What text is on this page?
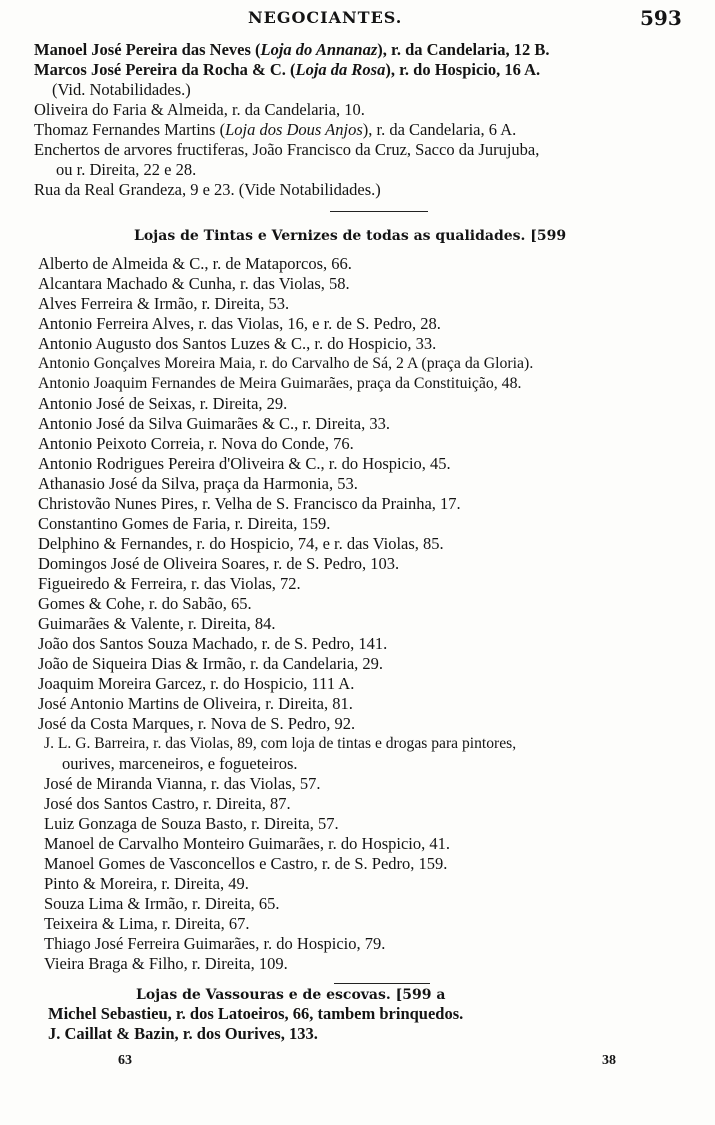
NEGOCIANTES.	593
Manoel José Pereira das Neves (Loja do Annanaz), r. da Candelaria, 12 B.
Marcos José Pereira da Rocha & C. (Loja da Rosa), r. do Hospicio, 16 A.
(Vid. Notabilidades.)
Oliveira do Faria & Almeida, r. da Candelaria, 10.
Thomaz Fernandes Martins (Loja dos Dous Anjos), r. da Candelaria, 6 A.
Enchertos de arvores fructiferas, João Francisco da Cruz, Sacco da Jurujuba,
ou r. Direita, 22 e 28.
Rua da Real Grandeza, 9 e 23. (Vide Notabilidades.)
Lojas de Tintas e Vernizes de todas as qualidades. [599
Alberto de Almeida & C., r. de Mataporcos, 66.
Alcantara Machado & Cunha, r. das Violas, 58.
Alves Ferreira & Irmão, r. Direita, 53.
Antonio Ferreira Alves, r. das Violas, 16, e r. de S. Pedro, 28.
Antonio Augusto dos Santos Luzes & C., r. do Hospicio, 33.
Antonio Gonçalves Moreira Maia, r. do Carvalho de Sá, 2 A (praça da Gloria).
Antonio Joaquim Fernandes de Meira Guimarães, praça da Constituição, 48.
Antonio José de Seixas, r. Direita, 29.
Antonio José da Silva Guimarães & C., r. Direita, 33.
Antonio Peixoto Correia, r. Nova do Conde, 76.
Antonio Rodrigues Pereira d'Oliveira & C., r. do Hospicio, 45.
Athanasio José da Silva, praça da Harmonia, 53.
Christovão Nunes Pires, r. Velha de S. Francisco da Prainha, 17.
Constantino Gomes de Faria, r. Direita, 159.
Delphino & Fernandes, r. do Hospicio, 74, e r. das Violas, 85.
Domingos José de Oliveira Soares, r. de S. Pedro, 103.
Figueiredo & Ferreira, r. das Violas, 72.
Gomes & Cohe, r. do Sabão, 65.
Guimarães & Valente, r. Direita, 84.
João dos Santos Souza Machado, r. de S. Pedro, 141.
João de Siqueira Dias & Irmão, r. da Candelaria, 29.
Joaquim Moreira Garcez, r. do Hospicio, 111 A.
José Antonio Martins de Oliveira, r. Direita, 81.
José da Costa Marques, r. Nova de S. Pedro, 92.
J. L. G. Barreira, r. das Violas, 89, com loja de tintas e drogas para pintores,
ourives, marceneiros, e fogueteiros.
José de Miranda Vianna, r. das Violas, 57.
José dos Santos Castro, r. Direita, 87.
Luiz Gonzaga de Souza Basto, r. Direita, 57.
Manoel de Carvalho Monteiro Guimarães, r. do Hospicio, 41.
Manoel Gomes de Vasconcellos e Castro, r. de S. Pedro, 159.
Pinto & Moreira, r. Direita, 49.
Souza Lima & Irmão, r. Direita, 65.
Teixeira & Lima, r. Direita, 67.
Thiago José Ferreira Guimarães, r. do Hospicio, 79.
Vieira Braga & Filho, r. Direita, 109.
Lojas de Vassouras e de escovas. [599 a
Michel Sebastieu, r. dos Latoeiros, 66, tambem brinquedos.
J. Caillat & Bazin, r. dos Ourives, 133.
63	38
